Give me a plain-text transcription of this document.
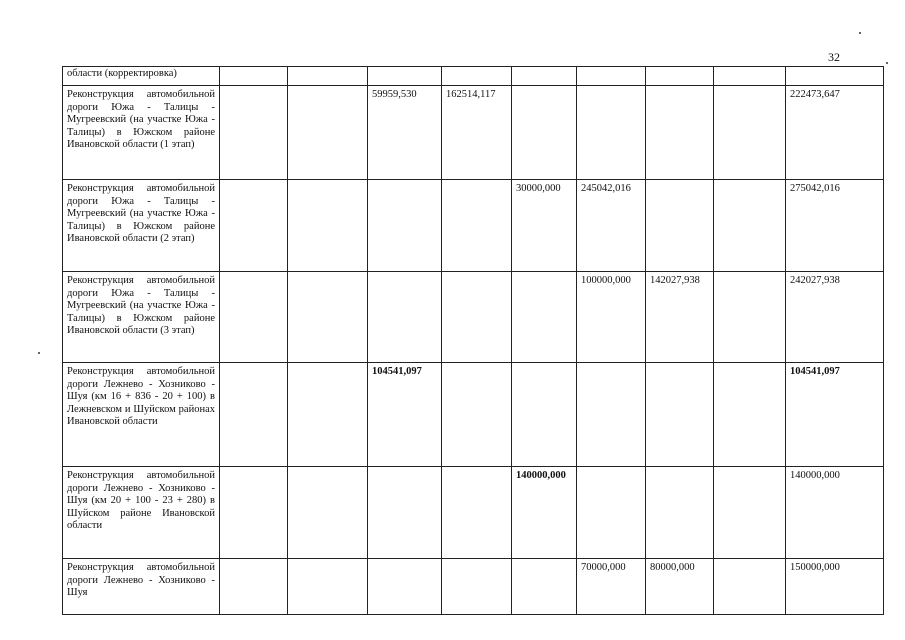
32
области (корректировка)									
Реконструкция автомобильной дороги Южа - Талицы - Мугреевский (на участке Южа - Талицы) в Южском районе Ивановской области (1 этап)			59959,530	162514,117					222473,647
Реконструкция автомобильной дороги Южа - Талицы - Мугреевский (на участке Южа - Талицы) в Южском районе Ивановской области (2 этап)					30000,000	245042,016			275042,016
Реконструкция автомобильной дороги Южа - Талицы - Мугреевский (на участке Южа - Талицы) в Южском районе Ивановской области (3 этап)						100000,000	142027,938		242027,938
Реконструкция автомобильной дороги Лежнево - Хозниково - Шуя (км 16 + 836 - 20 + 100) в Лежневском и Шуйском районах Ивановской области			104541,097						104541,097
Реконструкция автомобильной дороги Лежнево - Хозниково - Шуя (км 20 + 100 - 23 + 280) в Шуйском районе Ивановской области					140000,000				140000,000
Реконструкция автомобильной дороги Лежнево - Хозниково - Шуя						70000,000	80000,000		150000,000
